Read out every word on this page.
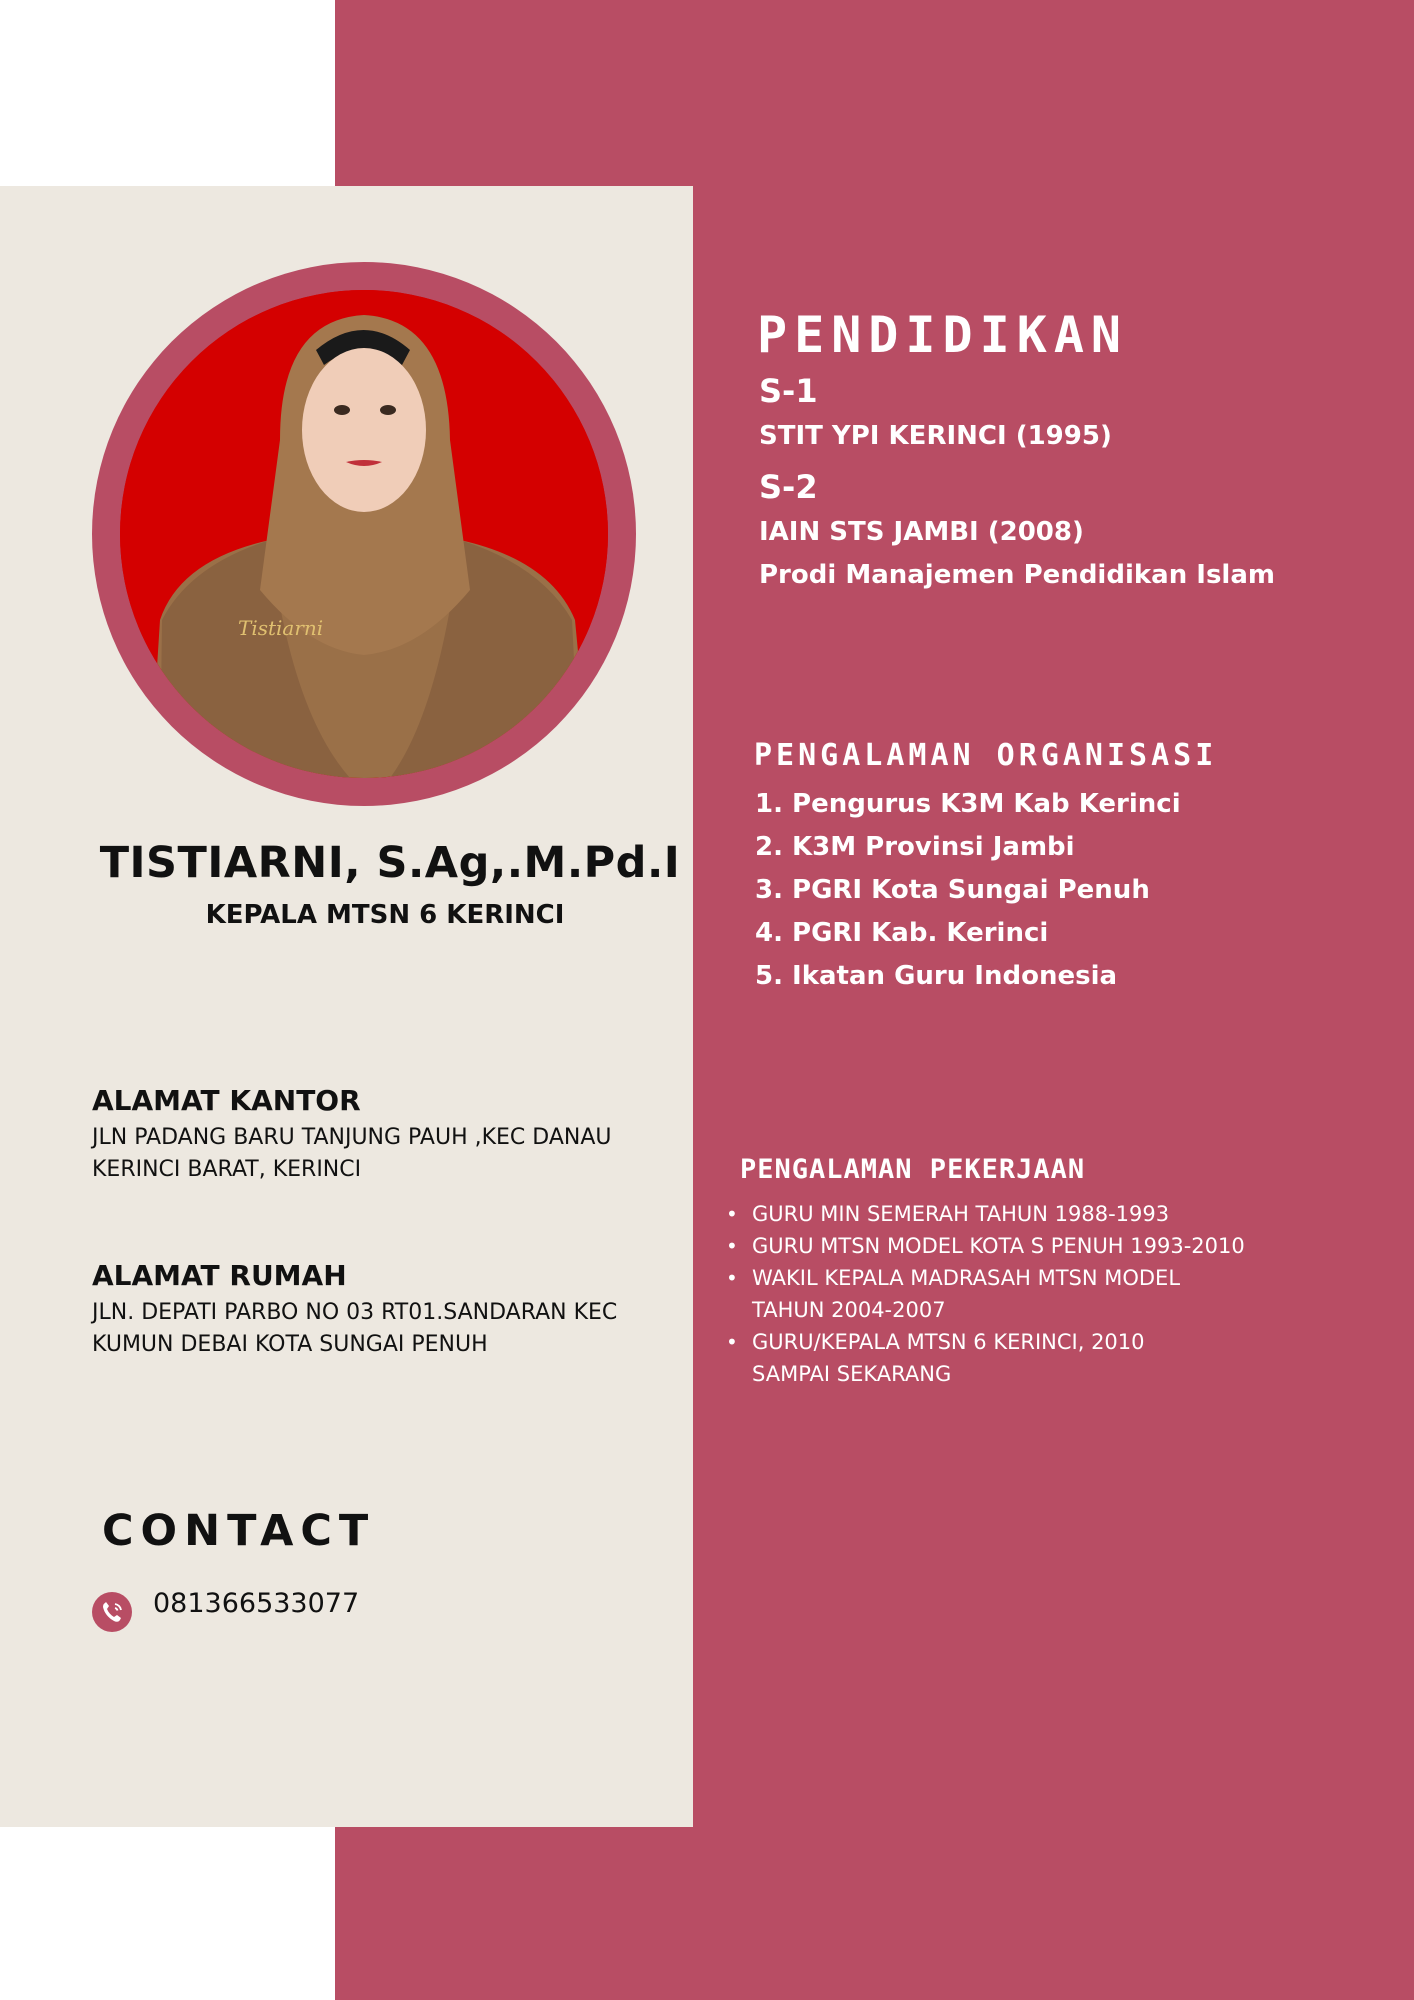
Tistiarni
TISTIARNI, S.Ag,.M.Pd.I
KEPALA MTSN 6 KERINCI
ALAMAT KANTOR
JLN PADANG BARU TANJUNG PAUH ,KEC DANAU
KERINCI BARAT, KERINCI
ALAMAT RUMAH
JLN. DEPATI PARBO NO 03 RT01.SANDARAN KEC
KUMUN DEBAI KOTA SUNGAI PENUH
CONTACT
081366533077
PENDIDIKAN
S-1
STIT YPI KERINCI (1995)
S-2
IAIN STS JAMBI (2008)
Prodi Manajemen Pendidikan Islam
PENGALAMAN ORGANISASI
1. Pengurus K3M Kab Kerinci
2. K3M Provinsi Jambi
3. PGRI Kota Sungai Penuh
4. PGRI Kab. Kerinci
5. Ikatan Guru Indonesia
PENGALAMAN PEKERJAAN
• GURU MIN SEMERAH TAHUN 1988-1993
• GURU MTSN MODEL KOTA S PENUH 1993-2010
• WAKIL KEPALA MADRASAH MTSN MODEL
TAHUN 2004-2007
• GURU/KEPALA MTSN 6 KERINCI, 2010
SAMPAI SEKARANG
